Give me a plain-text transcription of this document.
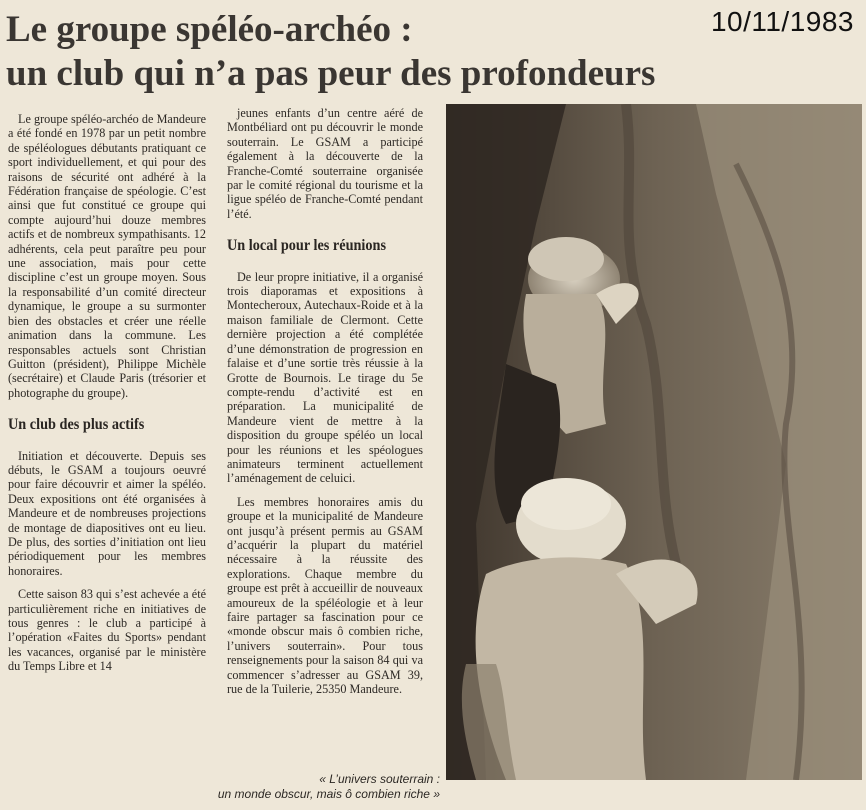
10/11/1983
Le groupe spéléo-archéo :
un club qui n’a pas peur des profondeurs

Le groupe spéléo-archéo de Mandeure a été fondé en 1978 par un petit nombre de spéléologues débutants pratiquant ce sport individuellement, et qui pour des raisons de sécurité ont adhéré à la Fédération française de spéologie. C’est ainsi que fut constitué ce groupe qui compte aujourd’hui douze membres actifs et de nombreux sympathisants. 12 adhérents, cela peut paraître peu pour une association, mais pour cette discipline c’est un groupe moyen. Sous la responsabilité d’un comité directeur dynamique, le groupe a su surmonter bien des obstacles et créer une réelle animation dans la commune. Les responsables actuels sont Christian Guitton (président), Philippe Michèle (secrétaire) et Claude Paris (trésorier et photographe du groupe).

Un club des plus actifs

Initiation et découverte. Depuis ses débuts, le GSAM a toujours oeuvré pour faire découvrir et aimer la spéléo. Deux expositions ont été organisées à Mandeure et de nombreuses projections de montage de diapositives ont eu lieu. De plus, des sorties d’initiation ont lieu périodiquement pour les membres honoraires.

Cette saison 83 qui s’est achevée a été particulièrement riche en initiatives de tous genres : le club a participé à l’opération «Faites du Sports» pendant les vacances, organisé par le ministère du Temps Libre et 14

jeunes enfants d’un centre aéré de Montbéliard ont pu découvrir le monde souterrain. Le GSAM a participé également à la découverte de la Franche-Comté souterraine organisée par le comité régional du tourisme et la ligue spéléo de Franche-Comté pendant l’été.

Un local pour les réunions

De leur propre initiative, il a organisé trois diaporamas et expositions à Montecheroux, Autechaux-Roide et à la maison familiale de Clermont. Cette dernière projection a été complétée d’une démonstration de progression en falaise et d’une sortie très réussie à la Grotte de Bournois. Le tirage du 5e compte-rendu d’activité est en préparation. La municipalité de Mandeure vient de mettre à la disposition du groupe spéléo un local pour les réunions et les spéologues animateurs terminent actuellement l’aménagement de celuici.

Les membres honoraires amis du groupe et la municipalité de Mandeure ont jusqu’à présent permis au GSAM d’acquérir la plupart du matériel nécessaire à la réussite des explorations. Chaque membre du groupe est prêt à accueillir de nouveaux amoureux de la spéléologie et à leur faire partager sa fascination pour ce «monde obscur mais ô combien riche, l’univers souterrain». Pour tous renseignements pour la saison 84 qui va commencer s’adresser au GSAM 39, rue de la Tuilerie, 25350 Mandeure.

« L’univers souterrain :
un monde obscur, mais ô combien riche »
